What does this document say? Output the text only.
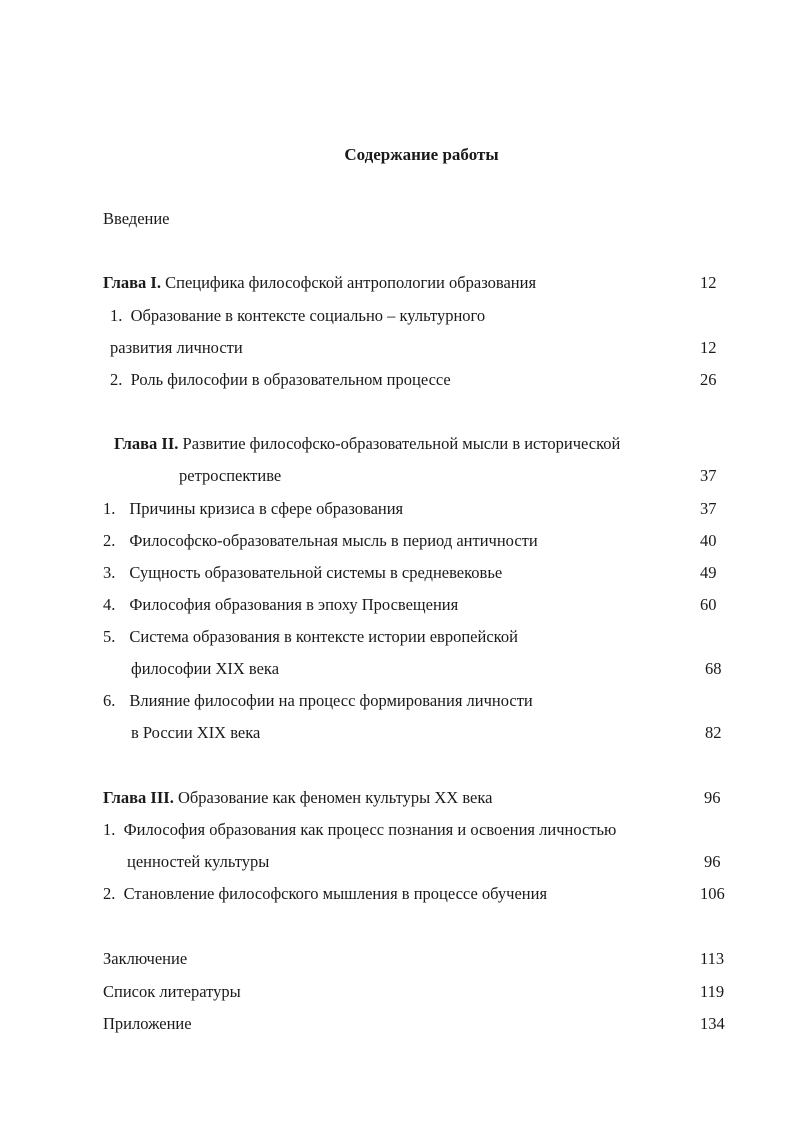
Содержание работы
Введение
Глава I. Специфика философской антропологии образования	12
1. Образование в контексте социально – культурного
развития личности	12
2. Роль философии в образовательном процессе	26
Глава II. Развитие философско-образовательной мысли в исторической
ретроспективе	37
1. Причины кризиса в сфере образования	37
2. Философско-образовательная мысль в период античности	40
3. Сущность образовательной системы в средневековье	49
4. Философия образования в эпоху Просвещения	60
5. Система образования в контексте истории европейской
философии XIX века	68
6. Влияние философии на процесс формирования личности
в России XIX века	82
Глава III. Образование как феномен культуры XX века	96
1. Философия образования как процесс познания и освоения личностью
ценностей культуры	96
2. Становление философского мышления в процессе обучения	106
Заключение	113
Список литературы	119
Приложение	134
